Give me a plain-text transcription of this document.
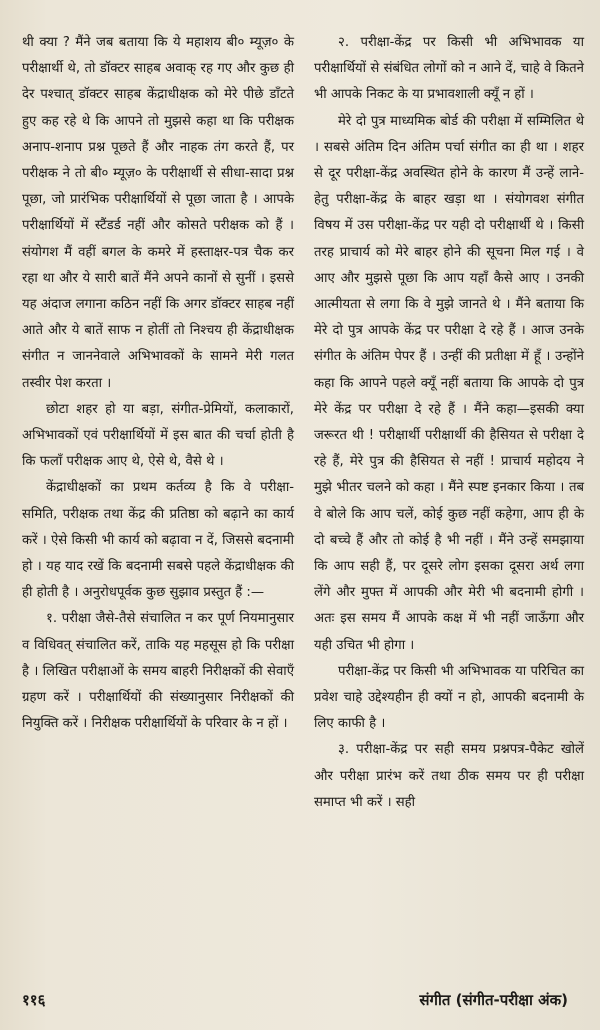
थी क्या ? मैंने जब बताया कि ये महाशय बी० म्यूज़० के परीक्षार्थी थे, तो डॉक्टर साहब अवाक् रह गए और कुछ ही देर पश्चात् डॉक्टर साहब केंद्राधीक्षक को मेरे पीछे डाँटते हुए कह रहे थे कि आपने तो मुझसे कहा था कि परीक्षक अनाप-शनाप प्रश्न पूछते हैं और नाहक तंग करते हैं, पर परीक्षक ने तो बी० म्यूज़० के परीक्षार्थी से सीधा-सादा प्रश्न पूछा, जो प्रारंभिक परीक्षार्थियों से पूछा जाता है । आपके परीक्षार्थियों में स्टैंडर्ड नहीं और कोसते परीक्षक को हैं । संयोगश मैं वहीं बगल के कमरे में हस्ताक्षर-पत्र चैक कर रहा था और ये सारी बातें मैंने अपने कानों से सुनीं । इससे यह अंदाज लगाना कठिन नहीं कि अगर डॉक्टर साहब नहीं आते और ये बातें साफ न होतीं तो निश्चय ही केंद्राधीक्षक संगीत न जाननेवाले अभिभावकों के सामने मेरी गलत तस्वीर पेश करता ।

छोटा शहर हो या बड़ा, संगीत-प्रेमियों, कलाकारों, अभिभावकों एवं परीक्षार्थियों में इस बात की चर्चा होती है कि फलाँ परीक्षक आए थे, ऐसे थे, वैसे थे ।

केंद्राधीक्षकों का प्रथम कर्तव्य है कि वे परीक्षा-समिति, परीक्षक तथा केंद्र की प्रतिष्ठा को बढ़ाने का कार्य करें । ऐसे किसी भी कार्य को बढ़ावा न दें, जिससे बदनामी हो । यह याद रखें कि बदनामी सबसे पहले केंद्राधीक्षक की ही होती है । अनुरोधपूर्वक कुछ सुझाव प्रस्तुत हैं :—

१. परीक्षा जैसे-तैसे संचालित न कर पूर्ण नियमानुसार व विधिवत् संचालित करें, ताकि यह महसूस हो कि परीक्षा है । लिखित परीक्षाओं के समय बाहरी निरीक्षकों की सेवाएँ ग्रहण करें । परीक्षार्थियों की संख्यानुसार निरीक्षकों की नियुक्ति करें । निरीक्षक परीक्षार्थियों के परिवार के न हों ।

२. परीक्षा-केंद्र पर किसी भी अभिभावक या परीक्षार्थियों से संबंधित लोगों को न आने दें, चाहे वे कितने भी आपके निकट के या प्रभावशाली क्यूँ न हों ।

मेरे दो पुत्र माध्यमिक बोर्ड की परीक्षा में सम्मिलित थे । सबसे अंतिम दिन अंतिम पर्चा संगीत का ही था । शहर से दूर परीक्षा-केंद्र अवस्थित होने के कारण मैं उन्हें लाने-हेतु परीक्षा-केंद्र के बाहर खड़ा था । संयोगवश संगीत विषय में उस परीक्षा-केंद्र पर यही दो परीक्षार्थी थे । किसी तरह प्राचार्य को मेरे बाहर होने की सूचना मिल गई । वे आए और मुझसे पूछा कि आप यहाँ कैसे आए । उनकी आत्मीयता से लगा कि वे मुझे जानते थे । मैंने बताया कि मेरे दो पुत्र आपके केंद्र पर परीक्षा दे रहे हैं । आज उनके संगीत के अंतिम पेपर हैं । उन्हीं की प्रतीक्षा में हूँ । उन्होंने कहा कि आपने पहले क्यूँ नहीं बताया कि आपके दो पुत्र मेरे केंद्र पर परीक्षा दे रहे हैं । मैंने कहा—इसकी क्या जरूरत थी ! परीक्षार्थी परीक्षार्थी की हैसियत से परीक्षा दे रहे हैं, मेरे पुत्र की हैसियत से नहीं ! प्राचार्य महोदय ने मुझे भीतर चलने को कहा । मैंने स्पष्ट इनकार किया । तब वे बोले कि आप चलें, कोई कुछ नहीं कहेगा, आप ही के दो बच्चे हैं और तो कोई है भी नहीं । मैंने उन्हें समझाया कि आप सही हैं, पर दूसरे लोग इसका दूसरा अर्थ लगा लेंगे और मुफ्त में आपकी और मेरी भी बदनामी होगी । अतः इस समय मैं आपके कक्ष में भी नहीं जाऊँगा और यही उचित भी होगा ।

परीक्षा-केंद्र पर किसी भी अभिभावक या परिचित का प्रवेश चाहे उद्देश्यहीन ही क्यों न हो, आपकी बदनामी के लिए काफी है ।

३. परीक्षा-केंद्र पर सही समय प्रश्नपत्र-पैकेट खोलें और परीक्षा प्रारंभ करें तथा ठीक समय पर ही परीक्षा समाप्त भी करें । सही

११६	संगीत (संगीत-परीक्षा अंक)
